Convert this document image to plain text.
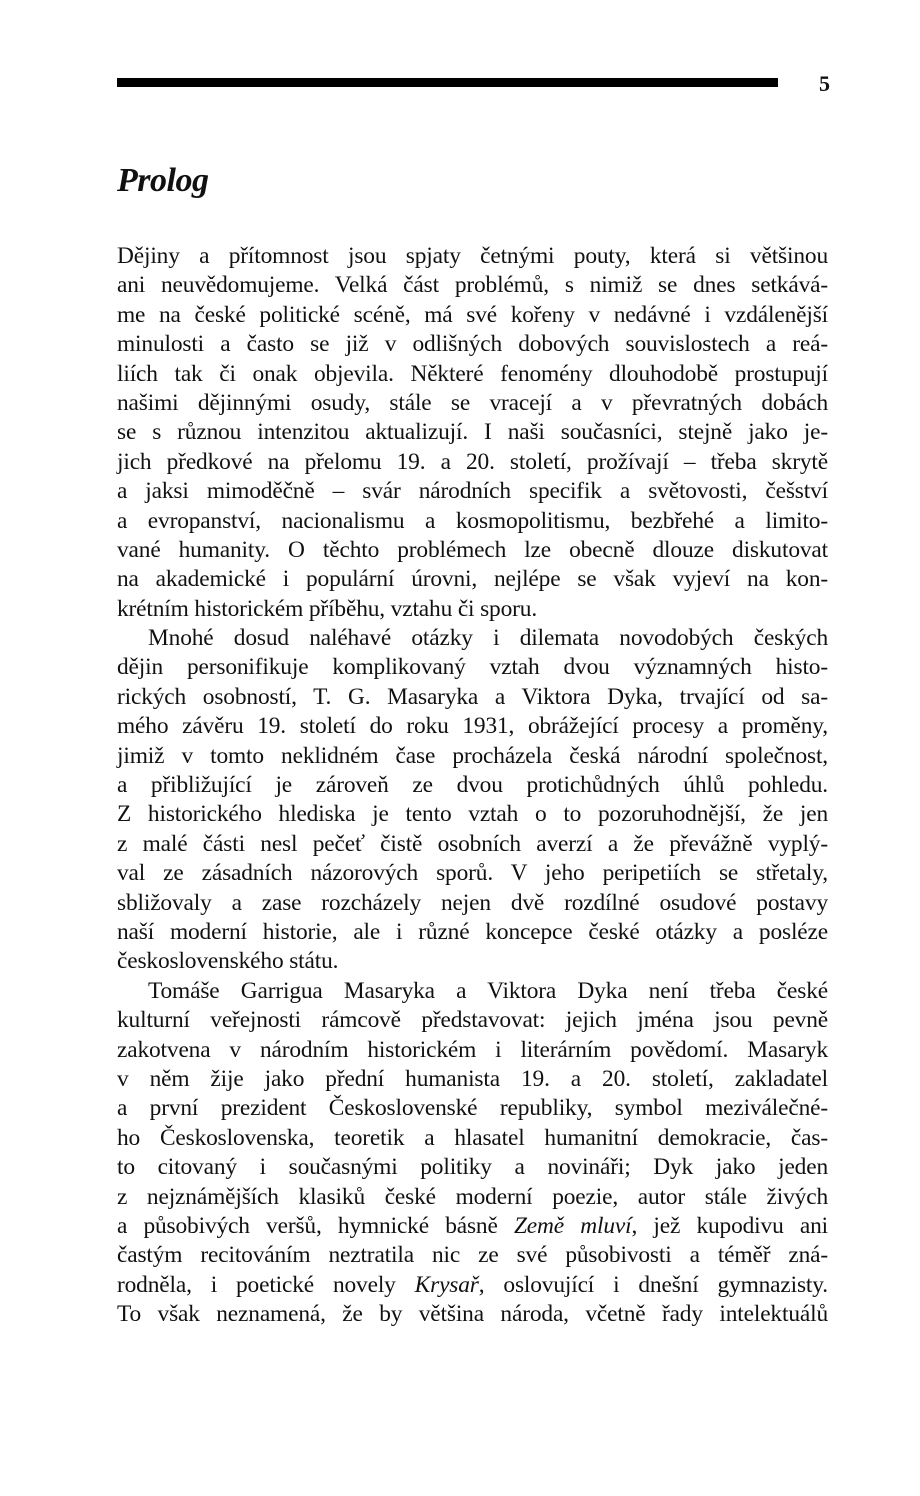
5
Prolog
Dějiny a přítomnost jsou spjaty četnými pouty, která si většinou
ani neuvědomujeme. Velká část problémů, s nimiž se dnes setkává-
me na české politické scéně, má své kořeny v nedávné i vzdálenější
minulosti a často se již v odlišných dobových souvislostech a reá-
liích tak či onak objevila. Některé fenomény dlouhodobě prostupují
našimi dějinnými osudy, stále se vracejí a v převratných dobách
se s různou intenzitou aktualizují. I naši současníci, stejně jako je-
jich předkové na přelomu 19. a 20. století, prožívají – třeba skrytě
a jaksi mimoděčně – svár národních specifik a světovosti, češství
a evropanství, nacionalismu a kosmopolitismu, bezbřehé a limito-
vané humanity. O těchto problémech lze obecně dlouze diskutovat
na akademické i populární úrovni, nejlépe se však vyjeví na kon-
krétním historickém příběhu, vztahu či sporu.
Mnohé dosud naléhavé otázky i dilemata novodobých českých
dějin personifikuje komplikovaný vztah dvou významných histo-
rických osobností, T. G. Masaryka a Viktora Dyka, trvající od sa-
mého závěru 19. století do roku 1931, obrážející procesy a proměny,
jimiž v tomto neklidném čase procházela česká národní společnost,
a přibližující je zároveň ze dvou protichůdných úhlů pohledu.
Z historického hlediska je tento vztah o to pozoruhodnější, že jen
z malé části nesl pečeť čistě osobních averzí a že převážně vyplý-
val ze zásadních názorových sporů. V jeho peripetiích se střetaly,
sbližovaly a zase rozcházely nejen dvě rozdílné osudové postavy
naší moderní historie, ale i různé koncepce české otázky a posléze
československého státu.
Tomáše Garrigua Masaryka a Viktora Dyka není třeba české
kulturní veřejnosti rámcově představovat: jejich jména jsou pevně
zakotvena v národním historickém i literárním povědomí. Masaryk
v něm žije jako přední humanista 19. a 20. století, zakladatel
a první prezident Československé republiky, symbol meziválečné-
ho Československa, teoretik a hlasatel humanitní demokracie, čas-
to citovaný i současnými politiky a novináři; Dyk jako jeden
z nejznámějších klasiků české moderní poezie, autor stále živých
a působivých veršů, hymnické básně Země mluví, jež kupodivu ani
častým recitováním neztratila nic ze své působivosti a téměř zná-
rodněla, i poetické novely Krysař, oslovující i dnešní gymnazisty.
To však neznamená, že by většina národa, včetně řady intelektuálů
